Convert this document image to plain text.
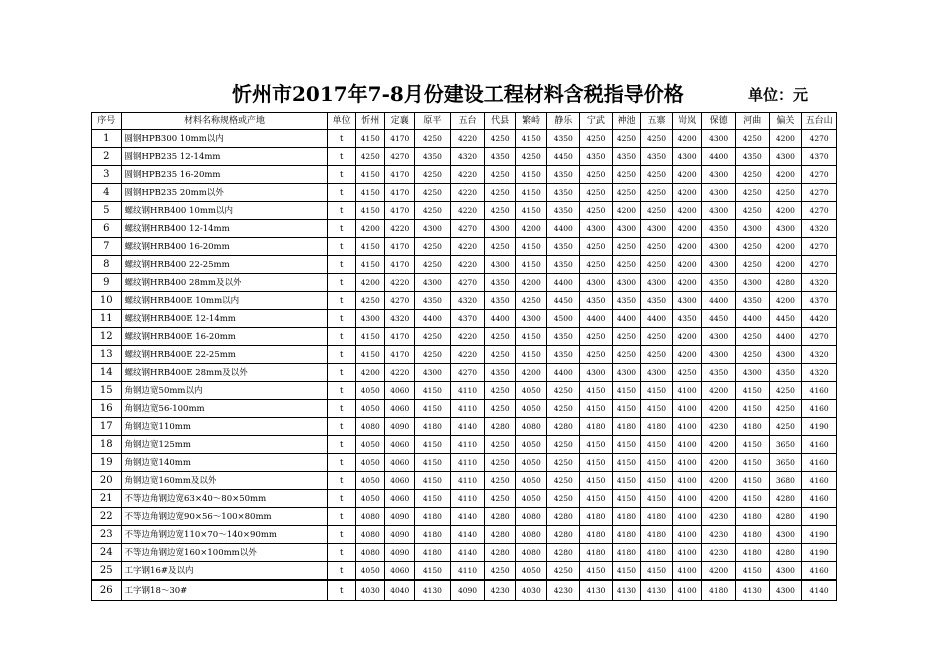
忻州市2017年7-8月份建设工程材料含税指导价格	单位：元
序号	材料名称规格或产地	单位	忻州	定襄	原平	五台	代县	繁峙	静乐	宁武	神池	五寨	岢岚	保德	河曲	偏关	五台山
1	圆钢HPB300 10mm以内	t	4150	4170	4250	4220	4250	4150	4350	4250	4250	4250	4200	4300	4250	4200	4270
2	圆钢HPB235 12-14mm	t	4250	4270	4350	4320	4350	4250	4450	4350	4350	4350	4300	4400	4350	4300	4370
3	圆钢HPB235 16-20mm	t	4150	4170	4250	4220	4250	4150	4350	4250	4250	4250	4200	4300	4250	4200	4270
4	圆钢HPB235 20mm以外	t	4150	4170	4250	4220	4250	4150	4350	4250	4250	4250	4200	4300	4250	4250	4270
5	螺纹钢HRB400 10mm以内	t	4150	4170	4250	4220	4250	4150	4350	4250	4200	4250	4200	4300	4250	4200	4270
6	螺纹钢HRB400 12-14mm	t	4200	4220	4300	4270	4300	4200	4400	4300	4300	4300	4200	4350	4300	4300	4320
7	螺纹钢HRB400 16-20mm	t	4150	4170	4250	4220	4250	4150	4350	4250	4250	4250	4200	4300	4250	4200	4270
8	螺纹钢HRB400 22-25mm	t	4150	4170	4250	4220	4300	4150	4350	4250	4250	4250	4200	4300	4250	4200	4270
9	螺纹钢HRB400 28mm及以外	t	4200	4220	4300	4270	4350	4200	4400	4300	4300	4300	4200	4350	4300	4280	4320
10	螺纹钢HRB400E 10mm以内	t	4250	4270	4350	4320	4350	4250	4450	4350	4350	4350	4300	4400	4350	4200	4370
11	螺纹钢HRB400E 12-14mm	t	4300	4320	4400	4370	4400	4300	4500	4400	4400	4400	4350	4450	4400	4450	4420
12	螺纹钢HRB400E 16-20mm	t	4150	4170	4250	4220	4250	4150	4350	4250	4250	4250	4200	4300	4250	4400	4270
13	螺纹钢HRB400E 22-25mm	t	4150	4170	4250	4220	4250	4150	4350	4250	4250	4250	4200	4300	4250	4300	4320
14	螺纹钢HRB400E 28mm及以外	t	4200	4220	4300	4270	4350	4200	4400	4300	4300	4300	4250	4350	4300	4350	4320
15	角钢边宽50mm以内	t	4050	4060	4150	4110	4250	4050	4250	4150	4150	4150	4100	4200	4150	4250	4160
16	角钢边宽56-100mm	t	4050	4060	4150	4110	4250	4050	4250	4150	4150	4150	4100	4200	4150	4250	4160
17	角钢边宽110mm	t	4080	4090	4180	4140	4280	4080	4280	4180	4180	4180	4100	4230	4180	4250	4190
18	角钢边宽125mm	t	4050	4060	4150	4110	4250	4050	4250	4150	4150	4150	4100	4200	4150	3650	4160
19	角钢边宽140mm	t	4050	4060	4150	4110	4250	4050	4250	4150	4150	4150	4100	4200	4150	3650	4160
20	角钢边宽160mm及以外	t	4050	4060	4150	4110	4250	4050	4250	4150	4150	4150	4100	4200	4150	3680	4160
21	不等边角钢边宽63×40～80×50mm	t	4050	4060	4150	4110	4250	4050	4250	4150	4150	4150	4100	4200	4150	4280	4160
22	不等边角钢边宽90×56～100×80mm	t	4080	4090	4180	4140	4280	4080	4280	4180	4180	4180	4100	4230	4180	4280	4190
23	不等边角钢边宽110×70～140×90mm	t	4080	4090	4180	4140	4280	4080	4280	4180	4180	4180	4100	4230	4180	4300	4190
24	不等边角钢边宽160×100mm以外	t	4080	4090	4180	4140	4280	4080	4280	4180	4180	4180	4100	4230	4180	4280	4190
25	工字钢16#及以内	t	4050	4060	4150	4110	4250	4050	4250	4150	4150	4150	4100	4200	4150	4300	4160
26	工字钢18～30#	t	4030	4040	4130	4090	4230	4030	4230	4130	4130	4130	4100	4180	4130	4300	4140
